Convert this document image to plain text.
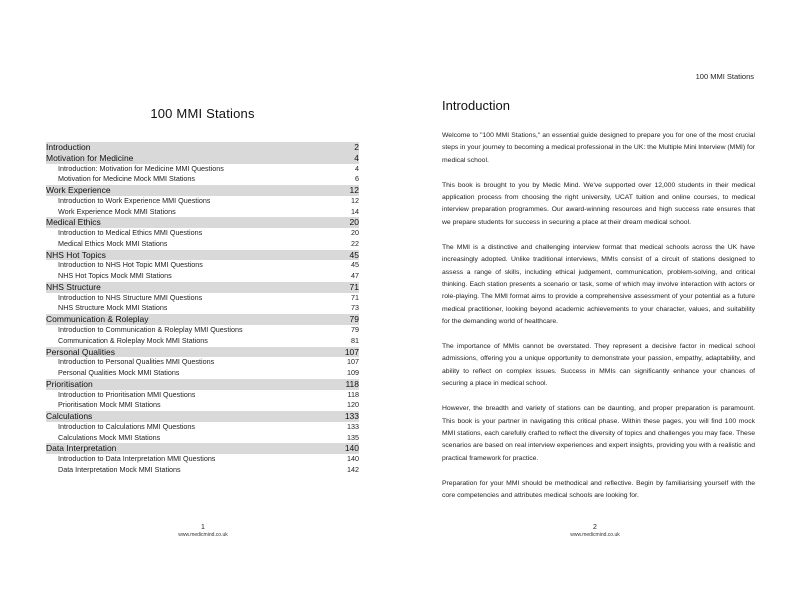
100 MMI Stations
Introduction	2
Motivation for Medicine	4
Introduction: Motivation for Medicine MMI Questions	4
Motivation for Medicine Mock MMI Stations	6
Work Experience	12
Introduction to Work Experience MMI Questions	12
Work Experience Mock MMI Stations	14
Medical Ethics	20
Introduction to Medical Ethics MMI Questions	20
Medical Ethics Mock MMI Stations	22
NHS Hot Topics	45
Introduction to NHS Hot Topic MMI Questions	45
NHS Hot Topics Mock MMI Stations	47
NHS Structure	71
Introduction to NHS Structure MMI Questions	71
NHS Structure Mock MMI Stations	73
Communication & Roleplay	79
Introduction to Communication & Roleplay MMI Questions	79
Communication & Roleplay Mock MMI Stations	81
Personal Qualities	107
Introduction to Personal Qualities MMI Questions	107
Personal Qualities Mock MMI Stations	109
Prioritisation	118
Introduction to Prioritisation MMI Questions	118
Prioritisation Mock MMI Stations	120
Calculations	133
Introduction to Calculations MMI Questions	133
Calculations Mock MMI Stations	135
Data Interpretation	140
Introduction to Data Interpretation MMI Questions	140
Data Interpretation Mock MMI Stations	142
1
www.medicmind.co.uk
100 MMI Stations
Introduction

Welcome to "100 MMI Stations," an essential guide designed to prepare you for one of the most crucial steps in your journey to becoming a medical professional in the UK: the Multiple Mini Interview (MMI) for medical school.

This book is brought to you by Medic Mind. We've supported over 12,000 students in their medical application process from choosing the right university, UCAT tuition and online courses, to medical interview preparation programmes. Our award-winning resources and high success rate ensures that we prepare students for success in securing a place at their dream medical school.

The MMI is a distinctive and challenging interview format that medical schools across the UK have increasingly adopted. Unlike traditional interviews, MMIs consist of a circuit of stations designed to assess a range of skills, including ethical judgement, communication, problem-solving, and critical thinking. Each station presents a scenario or task, some of which may involve interaction with actors or role-playing. The MMI format aims to provide a comprehensive assessment of your potential as a future medical practitioner, looking beyond academic achievements to your character, values, and suitability for the demanding world of healthcare.

The importance of MMIs cannot be overstated. They represent a decisive factor in medical school admissions, offering you a unique opportunity to demonstrate your passion, empathy, adaptability, and ability to reflect on complex issues. Success in MMIs can significantly enhance your chances of securing a place in medical school.

However, the breadth and variety of stations can be daunting, and proper preparation is paramount. This book is your partner in navigating this critical phase. Within these pages, you will find 100 mock MMI stations, each carefully crafted to reflect the diversity of topics and challenges you may face. These scenarios are based on real interview experiences and expert insights, providing you with a realistic and practical framework for practice.

Preparation for your MMI should be methodical and reflective. Begin by familiarising yourself with the core competencies and attributes medical schools are looking for.

2
www.medicmind.co.uk
